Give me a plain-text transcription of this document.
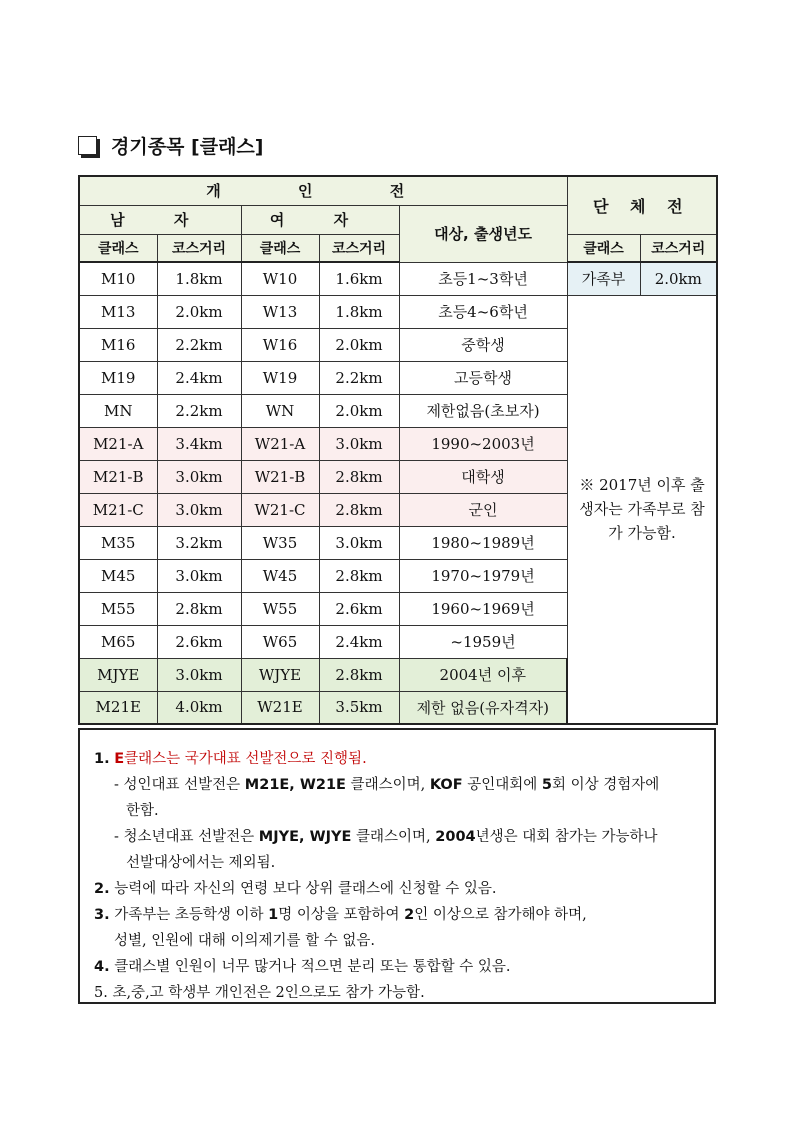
경기종목 [클래스]
개 인 전					단 체 전	
남 자		여 자		대상, 출생년도		
클래스	코스거리	클래스	코스거리		클래스	코스거리
M10	1.8km	W10	1.6km	초등1~3학년	가족부	2.0km
M13	2.0km	W13	1.8km	초등4~6학년	※ 2017년 이후 출생자는 가족부로 참가 가능함.	
M16	2.2km	W16	2.0km	중학생		
M19	2.4km	W19	2.2km	고등학생		
MN	2.2km	WN	2.0km	제한없음(초보자)		
M21-A	3.4km	W21-A	3.0km	1990~2003년		
M21-B	3.0km	W21-B	2.8km	대학생		
M21-C	3.0km	W21-C	2.8km	군인		
M35	3.2km	W35	3.0km	1980~1989년		
M45	3.0km	W45	2.8km	1970~1979년		
M55	2.8km	W55	2.6km	1960~1969년		
M65	2.6km	W65	2.4km	~1959년		
MJYE	3.0km	WJYE	2.8km	2004년 이후		
M21E	4.0km	W21E	3.5km	제한 없음(유자격자)		
1. E클래스는 국가대표 선발전으로 진행됨.
- 성인대표 선발전은 M21E, W21E 클래스이며, KOF 공인대회에 5회 이상 경험자에
한함.
- 청소년대표 선발전은 MJYE, WJYE 클래스이며, 2004년생은 대회 참가는 가능하나
선발대상에서는 제외됨.
2. 능력에 따라 자신의 연령 보다 상위 클래스에 신청할 수 있음.
3. 가족부는 초등학생 이하 1명 이상을 포함하여 2인 이상으로 참가해야 하며,
성별, 인원에 대해 이의제기를 할 수 없음.
4. 클래스별 인원이 너무 많거나 적으면 분리 또는 통합할 수 있음.
5. 초,중,고 학생부 개인전은 2인으로도 참가 가능함.
